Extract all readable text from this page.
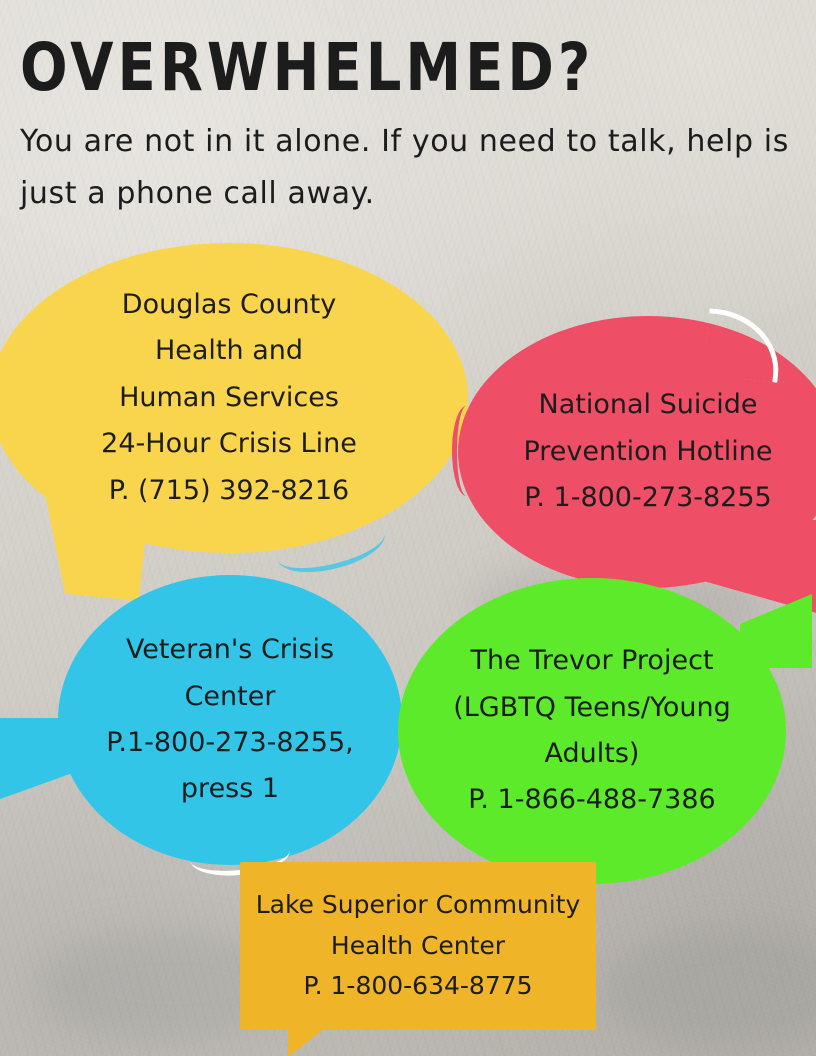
OVERWHELMED?
You are not in it alone. If you need to talk, help is just a phone call away.
Douglas County
Health and
Human Services
24-Hour Crisis Line
P. (715) 392-8216
National Suicide
Prevention Hotline
P. 1-800-273-8255
Veteran's Crisis
Center
P.1-800-273-8255,
press 1
The Trevor Project
(LGBTQ Teens/Young
Adults)
P. 1-866-488-7386
Lake Superior Community
Health Center
P. 1-800-634-8775
